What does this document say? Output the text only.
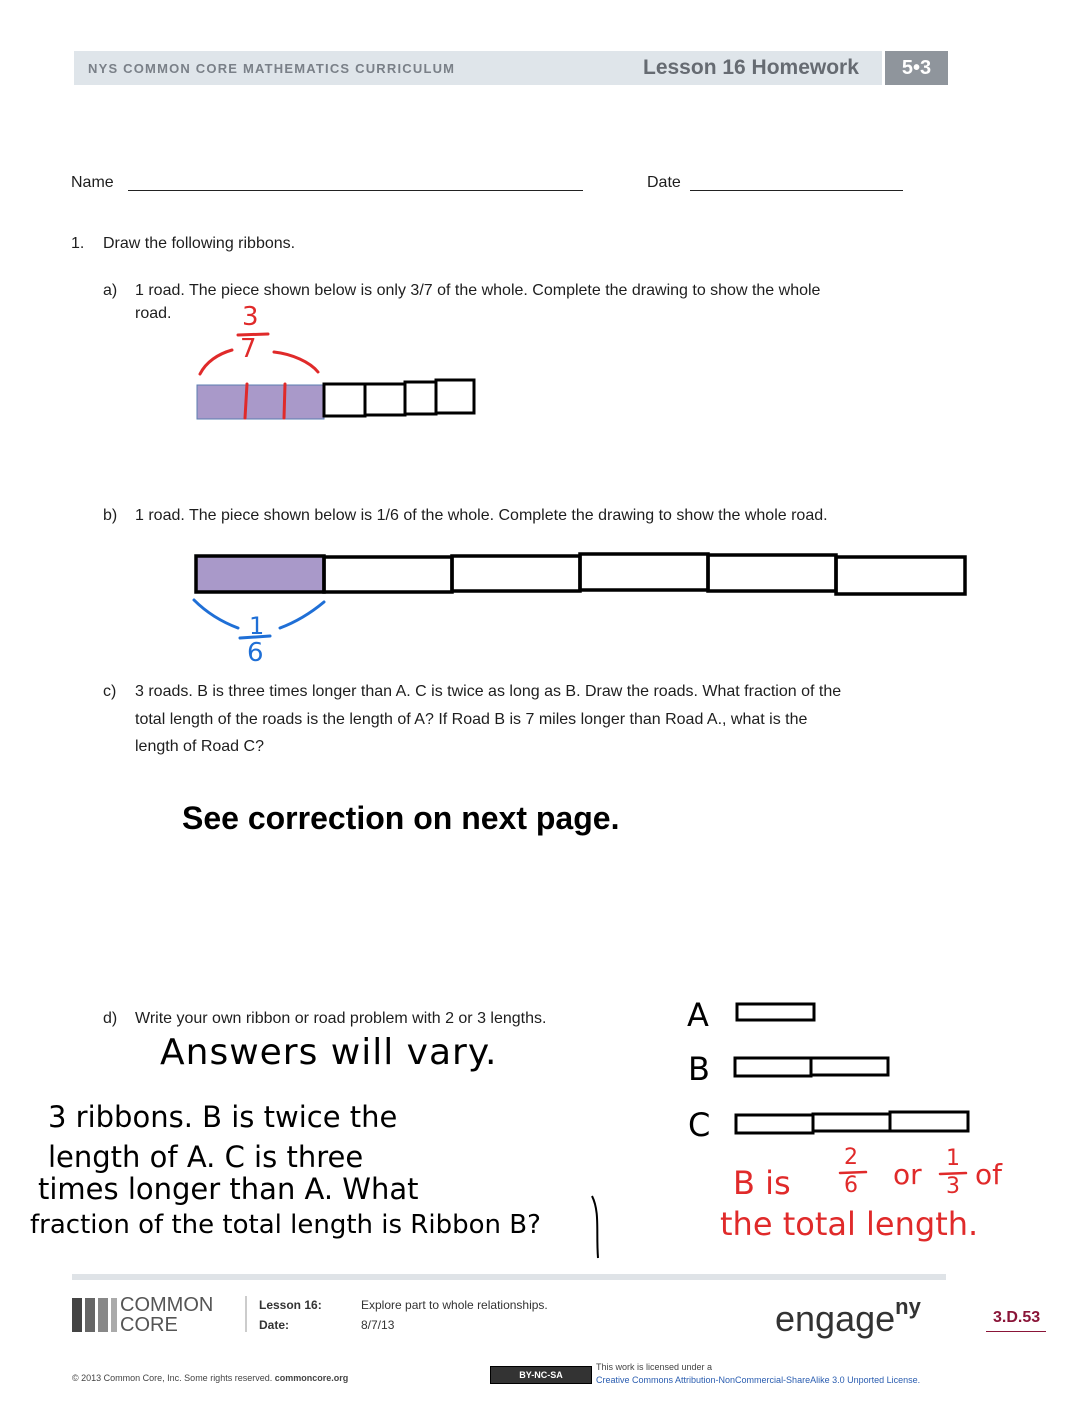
NYS COMMON CORE MATHEMATICS CURRICULUM	Lesson 16 Homework	5•3
Name	Date
1. Draw the following ribbons.
a) 1 road. The piece shown below is only 3/7 of the whole. Complete the drawing to show the whole
road.
b) 1 road. The piece shown below is 1/6 of the whole. Complete the drawing to show the whole road.
c) 3 roads. B is three times longer than A. C is twice as long as B. Draw the roads. What fraction of the
total length of the roads is the length of A? If Road B is 7 miles longer than Road A., what is the
length of Road C?
See correction on next page.
d) Write your own ribbon or road problem with 2 or 3 lengths.
3
7
1
6
Answers will vary.
3 ribbons. B is twice the
length of A. C is three
times longer than A. What
fraction of the total length is Ribbon B?
A
B
C
B is
2
6 or 1
3 of
the total length.
COMMON
CORE
Lesson 16:
Date:
Explore part to whole relationships.
8/7/13	engage$^{ny}$	3.D.53
© 2013 Common Core, Inc. Some rights reserved. commoncore.org	BY-NC-SA
This work is licensed under a
Creative Commons Attribution-NonCommercial-ShareAlike 3.0 Unported License.
